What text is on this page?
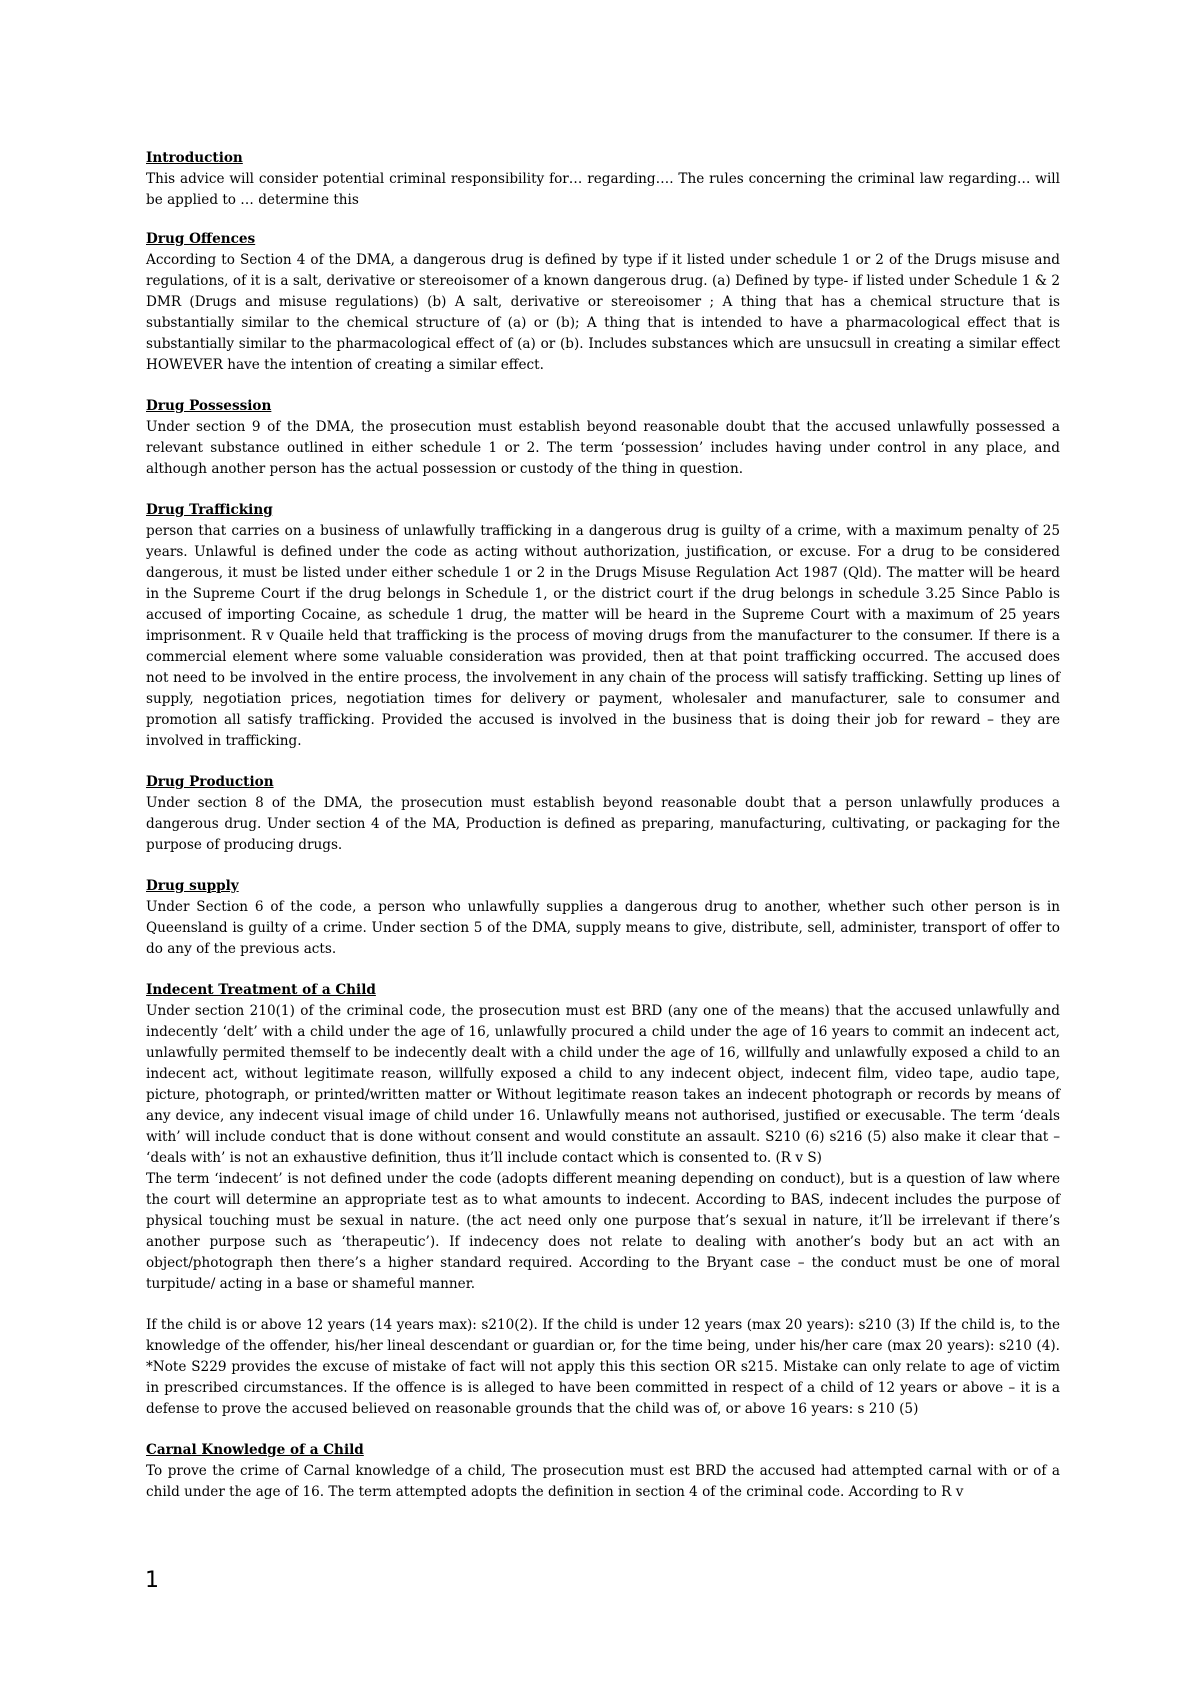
Introduction

This advice will consider potential criminal responsibility for… regarding…. The rules concerning the criminal law regarding… will be applied to … determine this

Drug Offences

According to Section 4 of the DMA, a dangerous drug is defined by type if it listed under schedule 1 or 2 of the Drugs misuse and regulations, of it is a salt, derivative or stereoisomer of a known dangerous drug. (a) Defined by type- if listed under Schedule 1 & 2 DMR (Drugs and misuse regulations) (b) A salt, derivative or stereoisomer ; A thing that has a chemical structure that is substantially similar to the chemical structure of (a) or (b); A thing that is intended to have a pharmacological effect that is substantially similar to the pharmacological effect of (a) or (b). Includes substances which are unsucsull in creating a similar effect HOWEVER have the intention of creating a similar effect.

Drug Possession

Under section 9 of the DMA, the prosecution must establish beyond reasonable doubt that the accused unlawfully possessed a relevant substance outlined in either schedule 1 or 2. The term ‘possession’ includes having under control in any place, and although another person has the actual possession or custody of the thing in question.

Drug Trafficking

person that carries on a business of unlawfully trafficking in a dangerous drug is guilty of a crime, with a maximum penalty of 25 years. Unlawful is defined under the code as acting without authorization, justification, or excuse. For a drug to be considered dangerous, it must be listed under either schedule 1 or 2 in the Drugs Misuse Regulation Act 1987 (Qld). The matter will be heard in the Supreme Court if the drug belongs in Schedule 1, or the district court if the drug belongs in schedule 3.25 Since Pablo is accused of importing Cocaine, as schedule 1 drug, the matter will be heard in the Supreme Court with a maximum of 25 years imprisonment. R v Quaile held that trafficking is the process of moving drugs from the manufacturer to the consumer. If there is a commercial element where some valuable consideration was provided, then at that point trafficking occurred. The accused does not need to be involved in the entire process, the involvement in any chain of the process will satisfy trafficking. Setting up lines of supply, negotiation prices, negotiation times for delivery or payment, wholesaler and manufacturer, sale to consumer and promotion all satisfy trafficking. Provided the accused is involved in the business that is doing their job for reward – they are involved in trafficking.

Drug Production

Under section 8 of the DMA, the prosecution must establish beyond reasonable doubt that a person unlawfully produces a dangerous drug. Under section 4 of the MA, Production is defined as preparing, manufacturing, cultivating, or packaging for the purpose of producing drugs.

Drug supply

Under Section 6 of the code, a person who unlawfully supplies a dangerous drug to another, whether such other person is in Queensland is guilty of a crime. Under section 5 of the DMA, supply means to give, distribute, sell, administer, transport of offer to do any of the previous acts.

Indecent Treatment of a Child

Under section 210(1) of the criminal code, the prosecution must est BRD (any one of the means) that the accused unlawfully and indecently ‘delt’ with a child under the age of 16, unlawfully procured a child under the age of 16 years to commit an indecent act, unlawfully permited themself to be indecently dealt with a child under the age of 16, willfully and unlawfully exposed a child to an indecent act, without legitimate reason, willfully exposed a child to any indecent object, indecent film, video tape, audio tape, picture, photograph, or printed/written matter or Without legitimate reason takes an indecent photograph or records by means of any device, any indecent visual image of child under 16. Unlawfully means not authorised, justified or execusable. The term ‘deals with’ will include conduct that is done without consent and would constitute an assault. S210 (6) s216 (5) also make it clear that – ‘deals with’ is not an exhaustive definition, thus it’ll include contact which is consented to. (R v S)

The term ‘indecent’ is not defined under the code (adopts different meaning depending on conduct), but is a question of law where the court will determine an appropriate test as to what amounts to indecent. According to BAS, indecent includes the purpose of physical touching must be sexual in nature. (the act need only one purpose that’s sexual in nature, it’ll be irrelevant if there’s another purpose such as ‘therapeutic’). If indecency does not relate to dealing with another’s body but an act with an object/photograph then there’s a higher standard required. According to the Bryant case – the conduct must be one of moral turpitude/ acting in a base or shameful manner.

If the child is or above 12 years (14 years max): s210(2). If the child is under 12 years (max 20 years): s210 (3) If the child is, to the knowledge of the offender, his/her lineal descendant or guardian or, for the time being, under his/her care (max 20 years): s210 (4). *Note S229 provides the excuse of mistake of fact will not apply this this section OR s215. Mistake can only relate to age of victim in prescribed circumstances. If the offence is is alleged to have been committed in respect of a child of 12 years or above – it is a defense to prove the accused believed on reasonable grounds that the child was of, or above 16 years: s 210 (5)

Carnal Knowledge of a Child

To prove the crime of Carnal knowledge of a child, The prosecution must est BRD the accused had attempted carnal with or of a child under the age of 16. The term attempted adopts the definition in section 4 of the criminal code. According to R v

1
